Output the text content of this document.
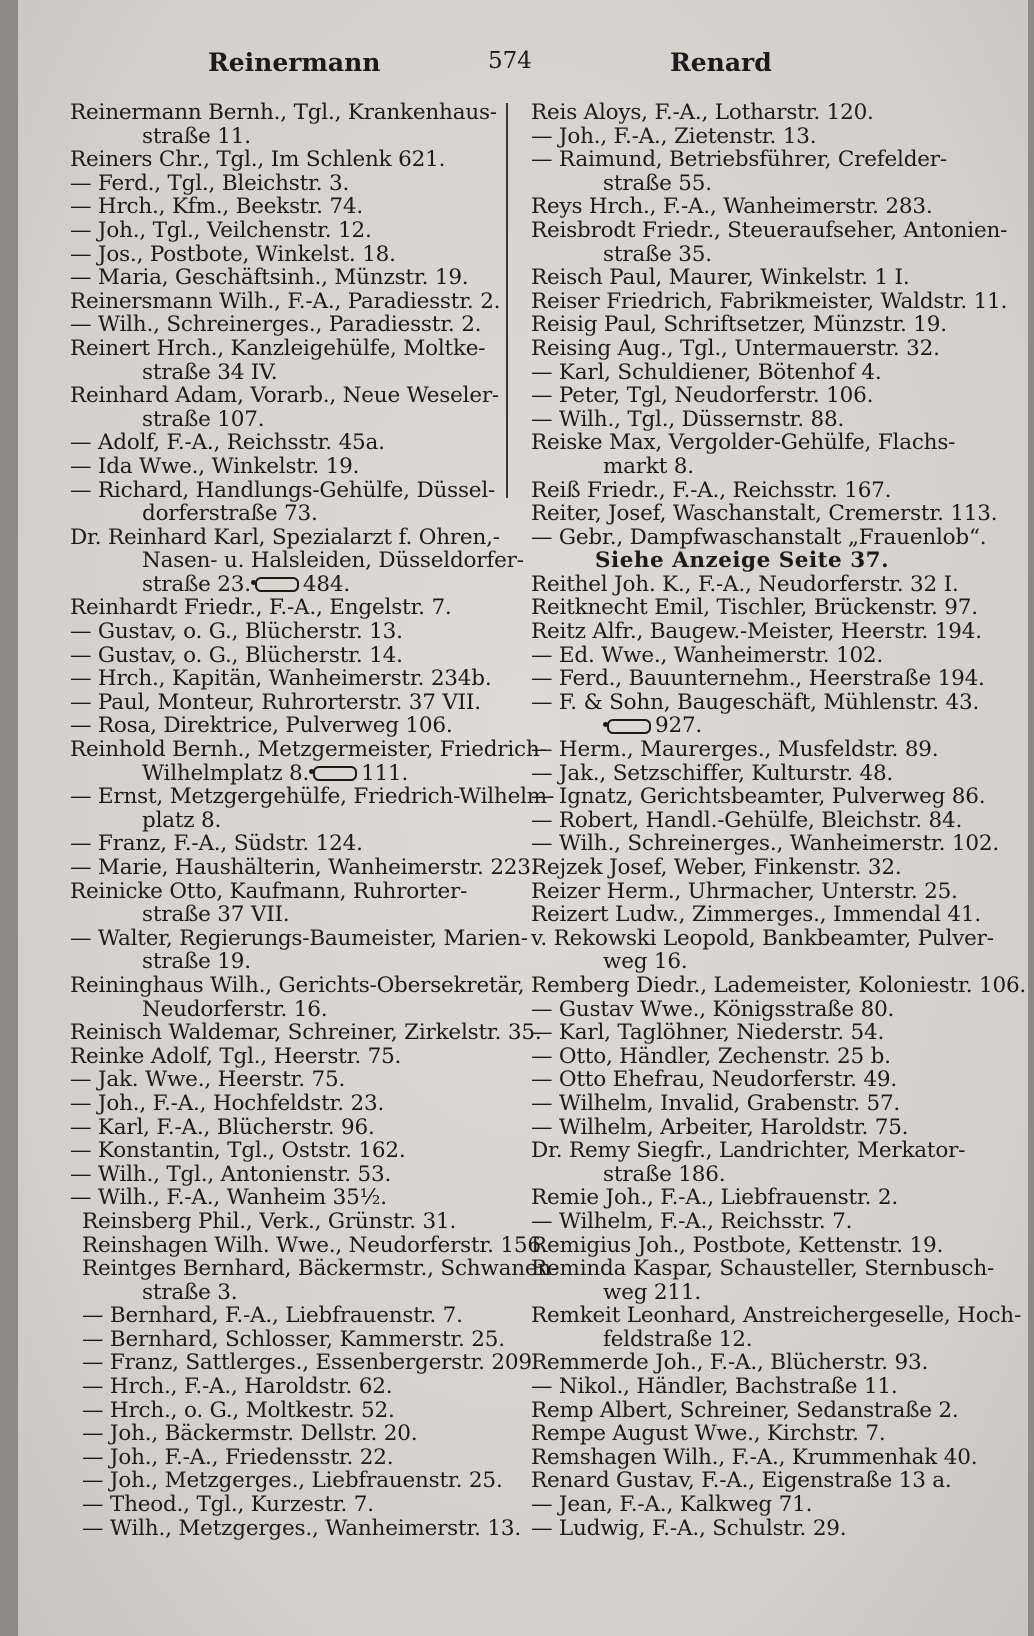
Reinermann	574	Renard
Reinermann Bernh., Tgl., Krankenhaus-
straße 11.
Reiners Chr., Tgl., Im Schlenk 621.
— Ferd., Tgl., Bleichstr. 3.
— Hrch., Kfm., Beekstr. 74.
— Joh., Tgl., Veilchenstr. 12.
— Jos., Postbote, Winkelst. 18.
— Maria, Geschäftsinh., Münzstr. 19.
Reinersmann Wilh., F.-A., Paradiesstr. 2.
— Wilh., Schreinerges., Paradiesstr. 2.
Reinert Hrch., Kanzleigehülfe, Moltke-
straße 34 IV.
Reinhard Adam, Vorarb., Neue Weseler-
straße 107.
— Adolf, F.-A., Reichsstr. 45a.
— Ida Wwe., Winkelstr. 19.
— Richard, Handlungs-Gehülfe, Düssel-
dorferstraße 73.
Dr. Reinhard Karl, Spezialarzt f. Ohren,-
Nasen- u. Halsleiden, Düsseldorfer-
straße 23. 484.
Reinhardt Friedr., F.-A., Engelstr. 7.
— Gustav, o. G., Blücherstr. 13.
— Gustav, o. G., Blücherstr. 14.
— Hrch., Kapitän, Wanheimerstr. 234b.
— Paul, Monteur, Ruhrorterstr. 37 VII.
— Rosa, Direktrice, Pulverweg 106.
Reinhold Bernh., Metzgermeister, Friedrich-
Wilhelmplatz 8. 111.
— Ernst, Metzgergehülfe, Friedrich-Wilhelm-
platz 8.
— Franz, F.-A., Südstr. 124.
— Marie, Haushälterin, Wanheimerstr. 223.
Reinicke Otto, Kaufmann, Ruhrorter-
straße 37 VII.
— Walter, Regierungs-Baumeister, Marien-
straße 19.
Reininghaus Wilh., Gerichts-Obersekretär,
Neudorferstr. 16.
Reinisch Waldemar, Schreiner, Zirkelstr. 35.
Reinke Adolf, Tgl., Heerstr. 75.
— Jak. Wwe., Heerstr. 75.
— Joh., F.-A., Hochfeldstr. 23.
— Karl, F.-A., Blücherstr. 96.
— Konstantin, Tgl., Oststr. 162.
— Wilh., Tgl., Antonienstr. 53.
— Wilh., F.-A., Wanheim 35½.
Reinsberg Phil., Verk., Grünstr. 31.
Reinshagen Wilh. Wwe., Neudorferstr. 156.
Reintges Bernhard, Bäckermstr., Schwanen-
straße 3.
— Bernhard, F.-A., Liebfrauenstr. 7.
— Bernhard, Schlosser, Kammerstr. 25.
— Franz, Sattlerges., Essenbergerstr. 209.
— Hrch., F.-A., Haroldstr. 62.
— Hrch., o. G., Moltkestr. 52.
— Joh., Bäckermstr. Dellstr. 20.
— Joh., F.-A., Friedensstr. 22.
— Joh., Metzgerges., Liebfrauenstr. 25.
— Theod., Tgl., Kurzestr. 7.
— Wilh., Metzgerges., Wanheimerstr. 13.
Reis Aloys, F.-A., Lotharstr. 120.
— Joh., F.-A., Zietenstr. 13.
— Raimund, Betriebsführer, Crefelder-
straße 55.
Reys Hrch., F.-A., Wanheimerstr. 283.
Reisbrodt Friedr., Steueraufseher, Antonien-
straße 35.
Reisch Paul, Maurer, Winkelstr. 1 I.
Reiser Friedrich, Fabrikmeister, Waldstr. 11.
Reisig Paul, Schriftsetzer, Münzstr. 19.
Reising Aug., Tgl., Untermauerstr. 32.
— Karl, Schuldiener, Bötenhof 4.
— Peter, Tgl, Neudorferstr. 106.
— Wilh., Tgl., Düssernstr. 88.
Reiske Max, Vergolder-Gehülfe, Flachs-
markt 8.
Reiß Friedr., F.-A., Reichsstr. 167.
Reiter, Josef, Waschanstalt, Cremerstr. 113.
— Gebr., Dampfwaschanstalt „Frauenlob“.
Siehe Anzeige Seite 37.
Reithel Joh. K., F.-A., Neudorferstr. 32 I.
Reitknecht Emil, Tischler, Brückenstr. 97.
Reitz Alfr., Baugew.-Meister, Heerstr. 194.
— Ed. Wwe., Wanheimerstr. 102.
— Ferd., Bauunternehm., Heerstraße 194.
— F. & Sohn, Baugeschäft, Mühlenstr. 43.
927.
— Herm., Maurerges., Musfeldstr. 89.
— Jak., Setzschiffer, Kulturstr. 48.
— Ignatz, Gerichtsbeamter, Pulverweg 86.
— Robert, Handl.-Gehülfe, Bleichstr. 84.
— Wilh., Schreinerges., Wanheimerstr. 102.
Rejzek Josef, Weber, Finkenstr. 32.
Reizer Herm., Uhrmacher, Unterstr. 25.
Reizert Ludw., Zimmerges., Immendal 41.
v. Rekowski Leopold, Bankbeamter, Pulver-
weg 16.
Remberg Diedr., Lademeister, Koloniestr. 106.
— Gustav Wwe., Königsstraße 80.
— Karl, Taglöhner, Niederstr. 54.
— Otto, Händler, Zechenstr. 25 b.
— Otto Ehefrau, Neudorferstr. 49.
— Wilhelm, Invalid, Grabenstr. 57.
— Wilhelm, Arbeiter, Haroldstr. 75.
Dr. Remy Siegfr., Landrichter, Merkator-
straße 186.
Remie Joh., F.-A., Liebfrauenstr. 2.
— Wilhelm, F.-A., Reichsstr. 7.
Remigius Joh., Postbote, Kettenstr. 19.
Reminda Kaspar, Schausteller, Sternbusch-
weg 211.
Remkeit Leonhard, Anstreichergeselle, Hoch-
feldstraße 12.
Remmerde Joh., F.-A., Blücherstr. 93.
— Nikol., Händler, Bachstraße 11.
Remp Albert, Schreiner, Sedanstraße 2.
Rempe August Wwe., Kirchstr. 7.
Remshagen Wilh., F.-A., Krummenhak 40.
Renard Gustav, F.-A., Eigenstraße 13 a.
— Jean, F.-A., Kalkweg 71.
— Ludwig, F.-A., Schulstr. 29.
